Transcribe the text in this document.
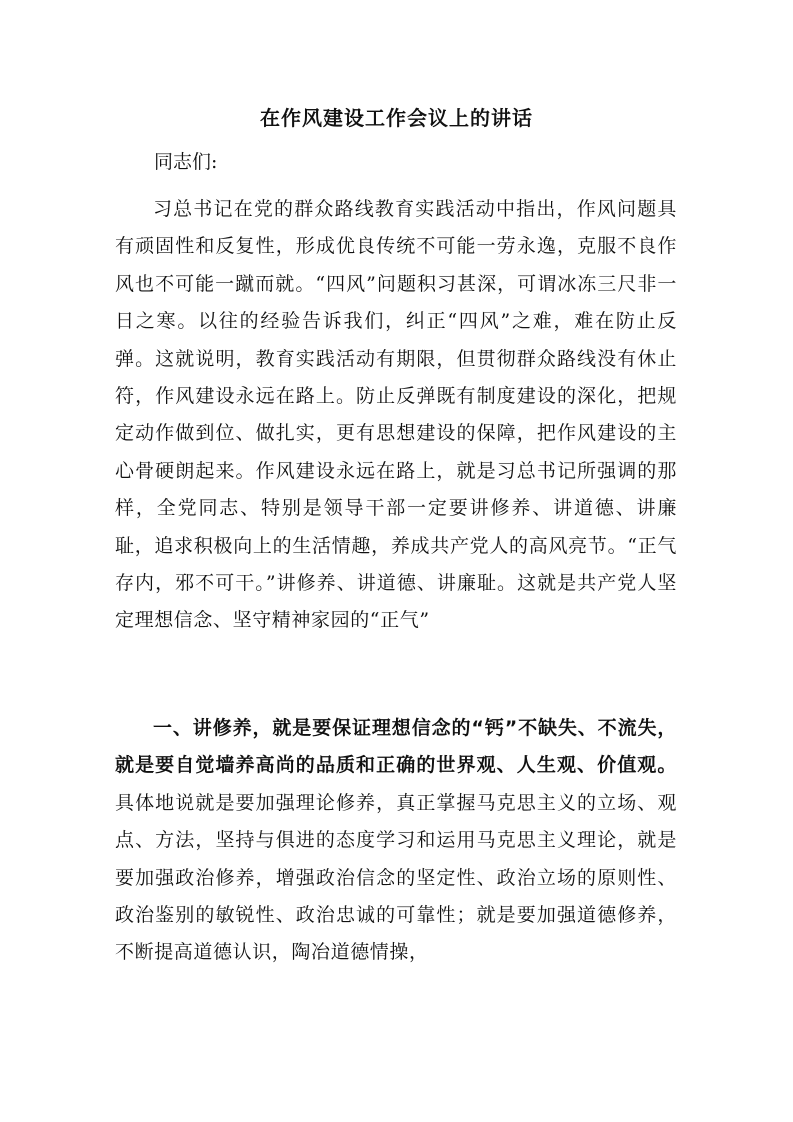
在作风建设工作会议上的讲话
同志们:
习总书记在党的群众路线教育实践活动中指出，作风问题具有顽固性和反复性，形成优良传统不可能一劳永逸，克服不良作风也不可能一蹴而就。“四风”问题积习甚深，可谓冰冻三尺非一日之寒。以往的经验告诉我们，纠正“四风”之难，难在防止反弹。这就说明，教育实践活动有期限，但贯彻群众路线没有休止符，作风建设永远在路上。防止反弹既有制度建设的深化，把规定动作做到位、做扎实，更有思想建设的保障，把作风建设的主心骨硬朗起来。作风建设永远在路上，就是习总书记所强调的那样，全党同志、特别是领导干部一定要讲修养、讲道德、讲廉耻，追求积极向上的生活情趣，养成共产党人的高风亮节。“正气存内，邪不可干。”讲修养、讲道德、讲廉耻。这就是共产党人坚定理想信念、坚守精神家园的“正气”
一、讲修养，就是要保证理想信念的“钙”不缺失、不流失，就是要自觉墙养高尚的品质和正确的世界观、人生观、价值观。具体地说就是要加强理论修养，真正掌握马克思主义的立场、观点、方法，坚持与俱进的态度学习和运用马克思主义理论，就是要加强政治修养，增强政治信念的坚定性、政治立场的原则性、政治鉴别的敏锐性、政治忠诚的可靠性；就是要加强道德修养，不断提高道德认识，陶冶道德情操，
